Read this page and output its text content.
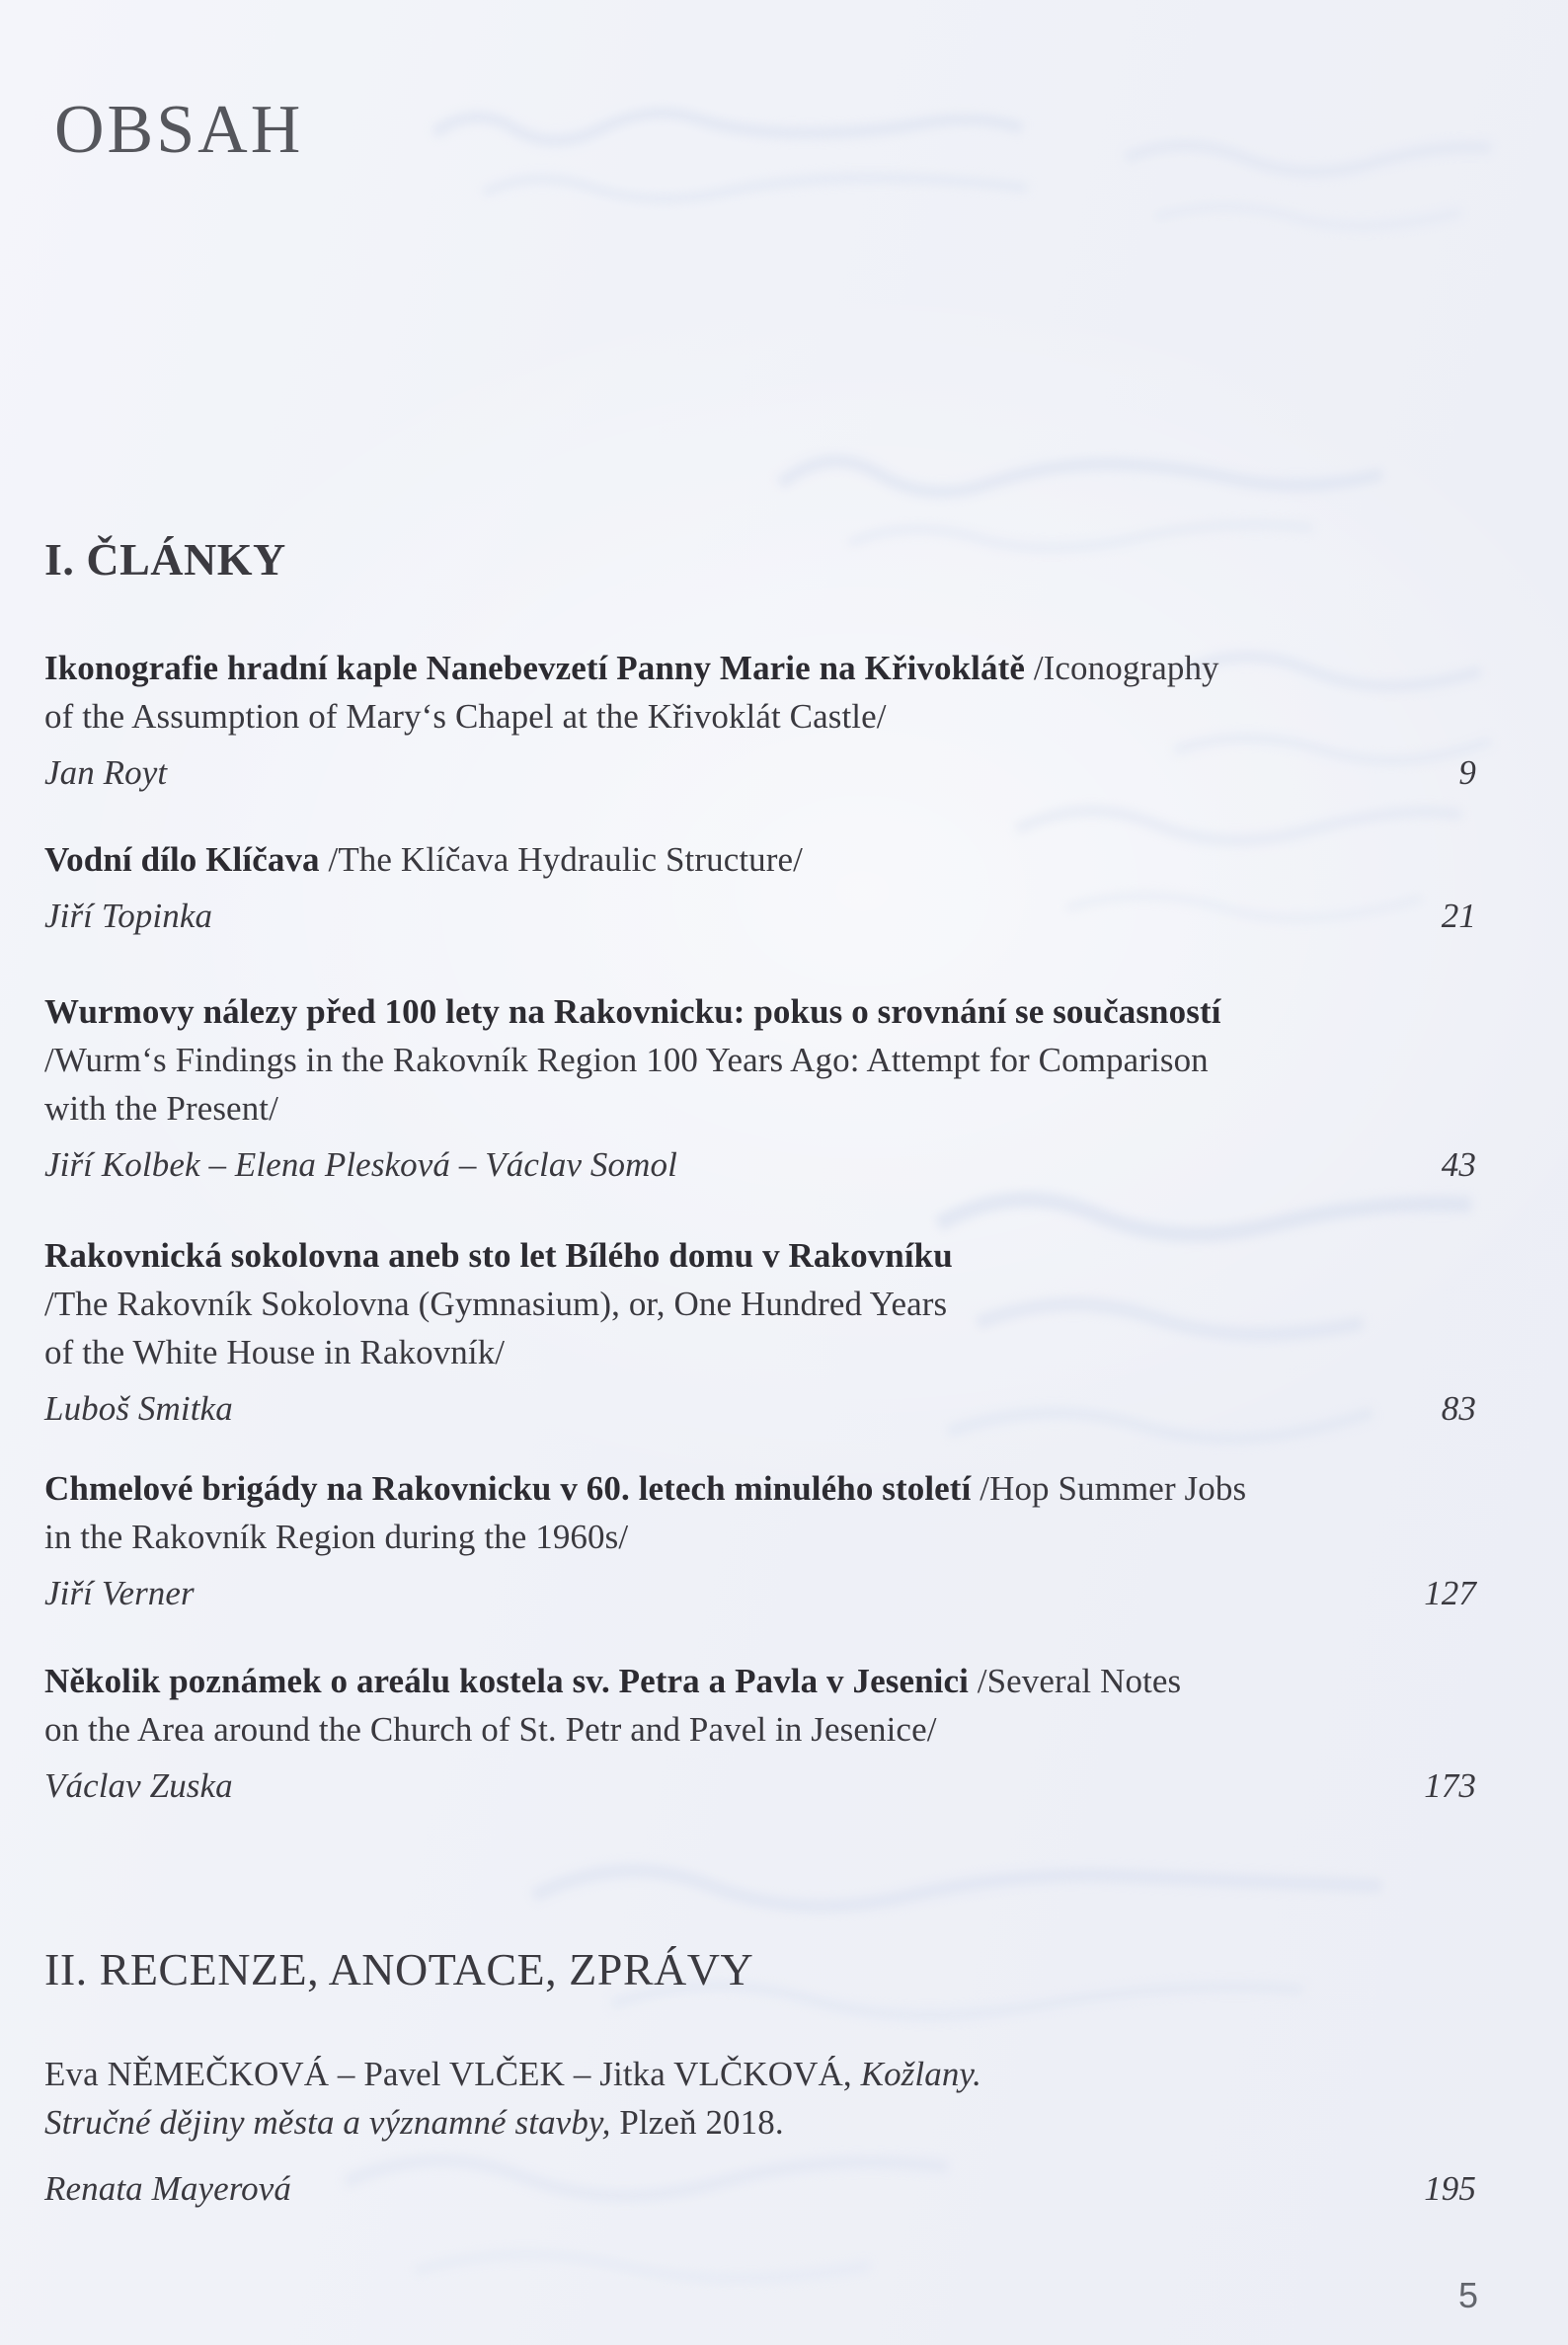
OBSAH
I. ČLÁNKY
Ikonografie hradní kaple Nanebevzetí Panny Marie na Křivoklátě /Iconography
of the Assumption of Mary‘s Chapel at the Křivoklát Castle/
Jan Royt	9
Vodní dílo Klíčava /The Klíčava Hydraulic Structure/
Jiří Topinka	21
Wurmovy nálezy před 100 lety na Rakovnicku: pokus o srovnání se současností
/Wurm‘s Findings in the Rakovník Region 100 Years Ago: Attempt for Comparison
with the Present/
Jiří Kolbek – Elena Plesková – Václav Somol	43
Rakovnická sokolovna aneb sto let Bílého domu v Rakovníku
/The Rakovník Sokolovna (Gymnasium), or, One Hundred Years
of the White House in Rakovník/
Luboš Smitka	83
Chmelové brigády na Rakovnicku v 60. letech minulého století /Hop Summer Jobs
in the Rakovník Region during the 1960s/
Jiří Verner	127
Několik poznámek o areálu kostela sv. Petra a Pavla v Jesenici /Several Notes
on the Area around the Church of St. Petr and Pavel in Jesenice/
Václav Zuska	173
II. RECENZE, ANOTACE, ZPRÁVY
Eva NĚMEČKOVÁ – Pavel VLČEK – Jitka VLČKOVÁ, Kožlany.
Stručné dějiny města a významné stavby, Plzeň 2018.
Renata Mayerová	195
5
